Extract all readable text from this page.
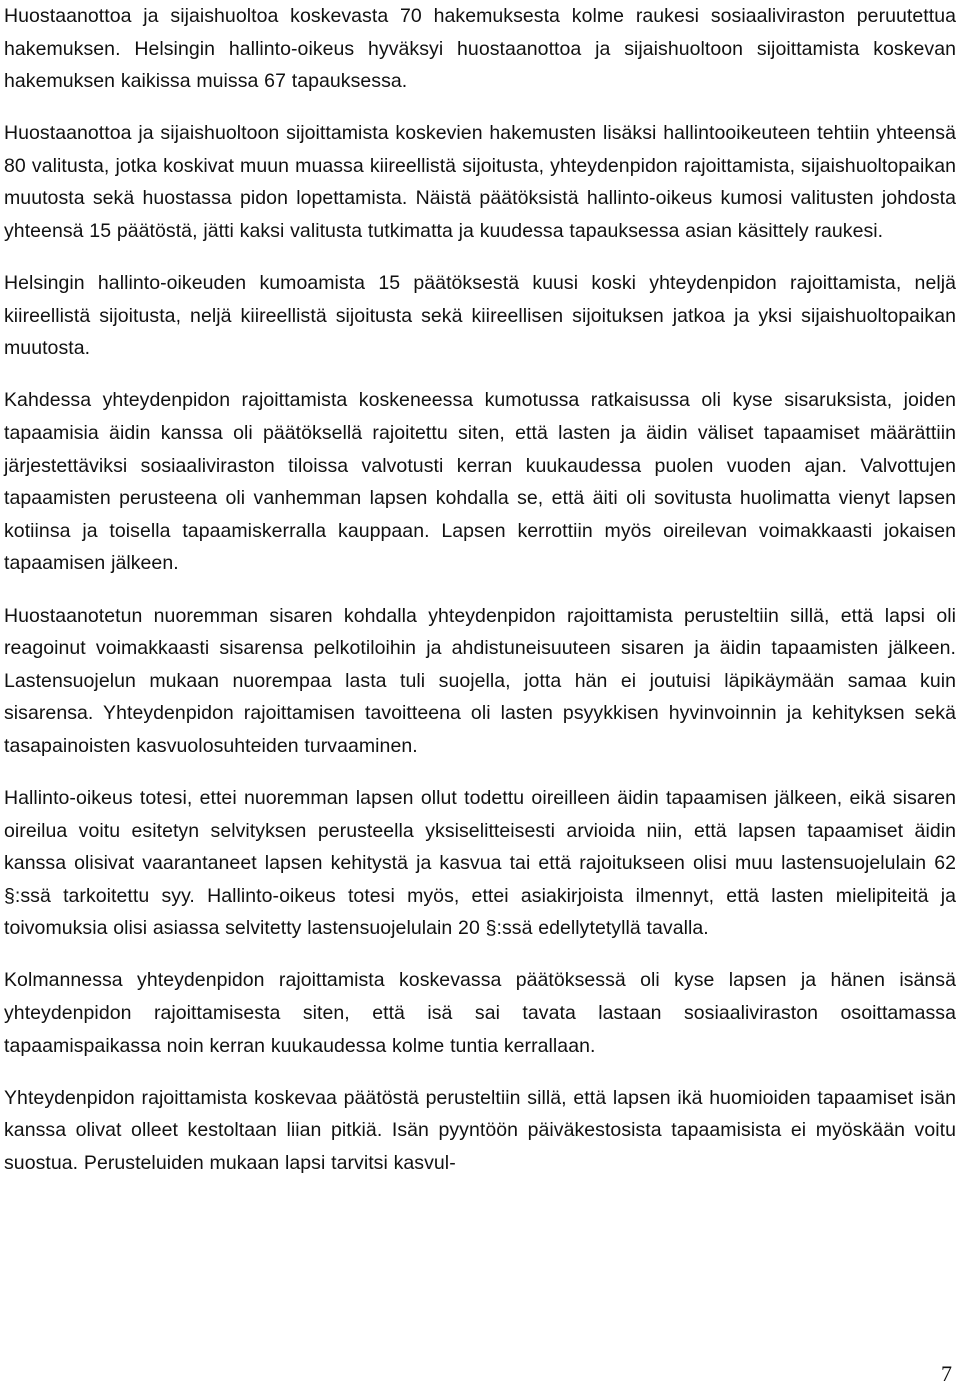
Huostaanottoa ja sijaishuoltoa koskevasta 70 hakemuksesta kolme raukesi sosiaaliviraston peruutettua hakemuksen. Helsingin hallinto-oikeus hyväksyi huostaanottoa ja sijaishuoltoon sijoittamista koskevan hakemuksen kaikissa muissa 67 tapauksessa.

Huostaanottoa ja sijaishuoltoon sijoittamista koskevien hakemusten lisäksi hallintooikeuteen tehtiin yhteensä 80 valitusta, jotka koskivat muun muassa kiireellistä sijoitusta, yhteydenpidon rajoittamista, sijaishuoltopaikan muutosta sekä huostassa pidon lopettamista. Näistä päätöksistä hallinto-oikeus kumosi valitusten johdosta yhteensä 15 päätöstä, jätti kaksi valitusta tutkimatta ja kuudessa tapauksessa asian käsittely raukesi.

Helsingin hallinto-oikeuden kumoamista 15 päätöksestä kuusi koski yhteydenpidon rajoittamista, neljä kiireellistä sijoitusta, neljä kiireellistä sijoitusta sekä kiireellisen sijoituksen jatkoa ja yksi sijaishuoltopaikan muutosta.

Kahdessa yhteydenpidon rajoittamista koskeneessa kumotussa ratkaisussa oli kyse sisaruksista, joiden tapaamisia äidin kanssa oli päätöksellä rajoitettu siten, että lasten ja äidin väliset tapaamiset määrättiin järjestettäviksi sosiaaliviraston tiloissa valvotusti kerran kuukaudessa puolen vuoden ajan. Valvottujen tapaamisten perusteena oli vanhemman lapsen kohdalla se, että äiti oli sovitusta huolimatta vienyt lapsen kotiinsa ja toisella tapaamiskerralla kauppaan. Lapsen kerrottiin myös oireilevan voimakkaasti jokaisen tapaamisen jälkeen.

Huostaanotetun nuoremman sisaren kohdalla yhteydenpidon rajoittamista perusteltiin sillä, että lapsi oli reagoinut voimakkaasti sisarensa pelkotiloihin ja ahdistuneisuuteen sisaren ja äidin tapaamisten jälkeen. Lastensuojelun mukaan nuorempaa lasta tuli suojella, jotta hän ei joutuisi läpikäymään samaa kuin sisarensa. Yhteydenpidon rajoittamisen tavoitteena oli lasten psyykkisen hyvinvoinnin ja kehityksen sekä tasapainoisten kasvuolosuhteiden turvaaminen.

Hallinto-oikeus totesi, ettei nuoremman lapsen ollut todettu oireilleen äidin tapaamisen jälkeen, eikä sisaren oireilua voitu esitetyn selvityksen perusteella yksiselitteisesti arvioida niin, että lapsen tapaamiset äidin kanssa olisivat vaarantaneet lapsen kehitystä ja kasvua tai että rajoitukseen olisi muu lastensuojelulain 62 §:ssä tarkoitettu syy. Hallinto-oikeus totesi myös, ettei asiakirjoista ilmennyt, että lasten mielipiteitä ja toivomuksia olisi asiassa selvitetty lastensuojelulain 20 §:ssä edellytetyllä tavalla.

Kolmannessa yhteydenpidon rajoittamista koskevassa päätöksessä oli kyse lapsen ja hänen isänsä yhteydenpidon rajoittamisesta siten, että isä sai tavata lastaan sosiaaliviraston osoittamassa tapaamispaikassa noin kerran kuukaudessa kolme tuntia kerrallaan.

Yhteydenpidon rajoittamista koskevaa päätöstä perusteltiin sillä, että lapsen ikä huomioiden tapaamiset isän kanssa olivat olleet kestoltaan liian pitkiä. Isän pyyntöön päiväkestosista tapaamisista ei myöskään voitu suostua. Perusteluiden mukaan lapsi tarvitsi kasvul-

7
